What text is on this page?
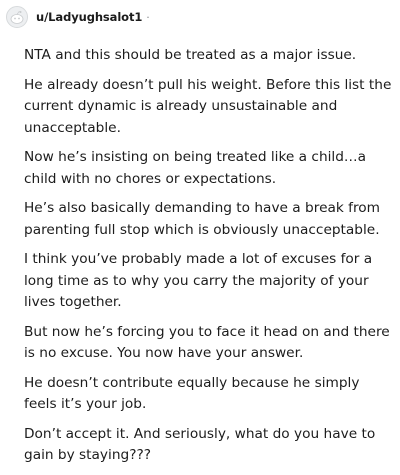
u/Ladyughsalot1 ·

NTA and this should be treated as a major issue.

He already doesn’t pull his weight. Before this list the current dynamic is already unsustainable and unacceptable.

Now he’s insisting on being treated like a child…a child with no chores or expectations.

He’s also basically demanding to have a break from parenting full stop which is obviously unacceptable.

I think you’ve probably made a lot of excuses for a long time as to why you carry the majority of your lives together.

But now he’s forcing you to face it head on and there is no excuse. You now have your answer.

He doesn’t contribute equally because he simply feels it’s your job.

Don’t accept it. And seriously, what do you have to gain by staying???
